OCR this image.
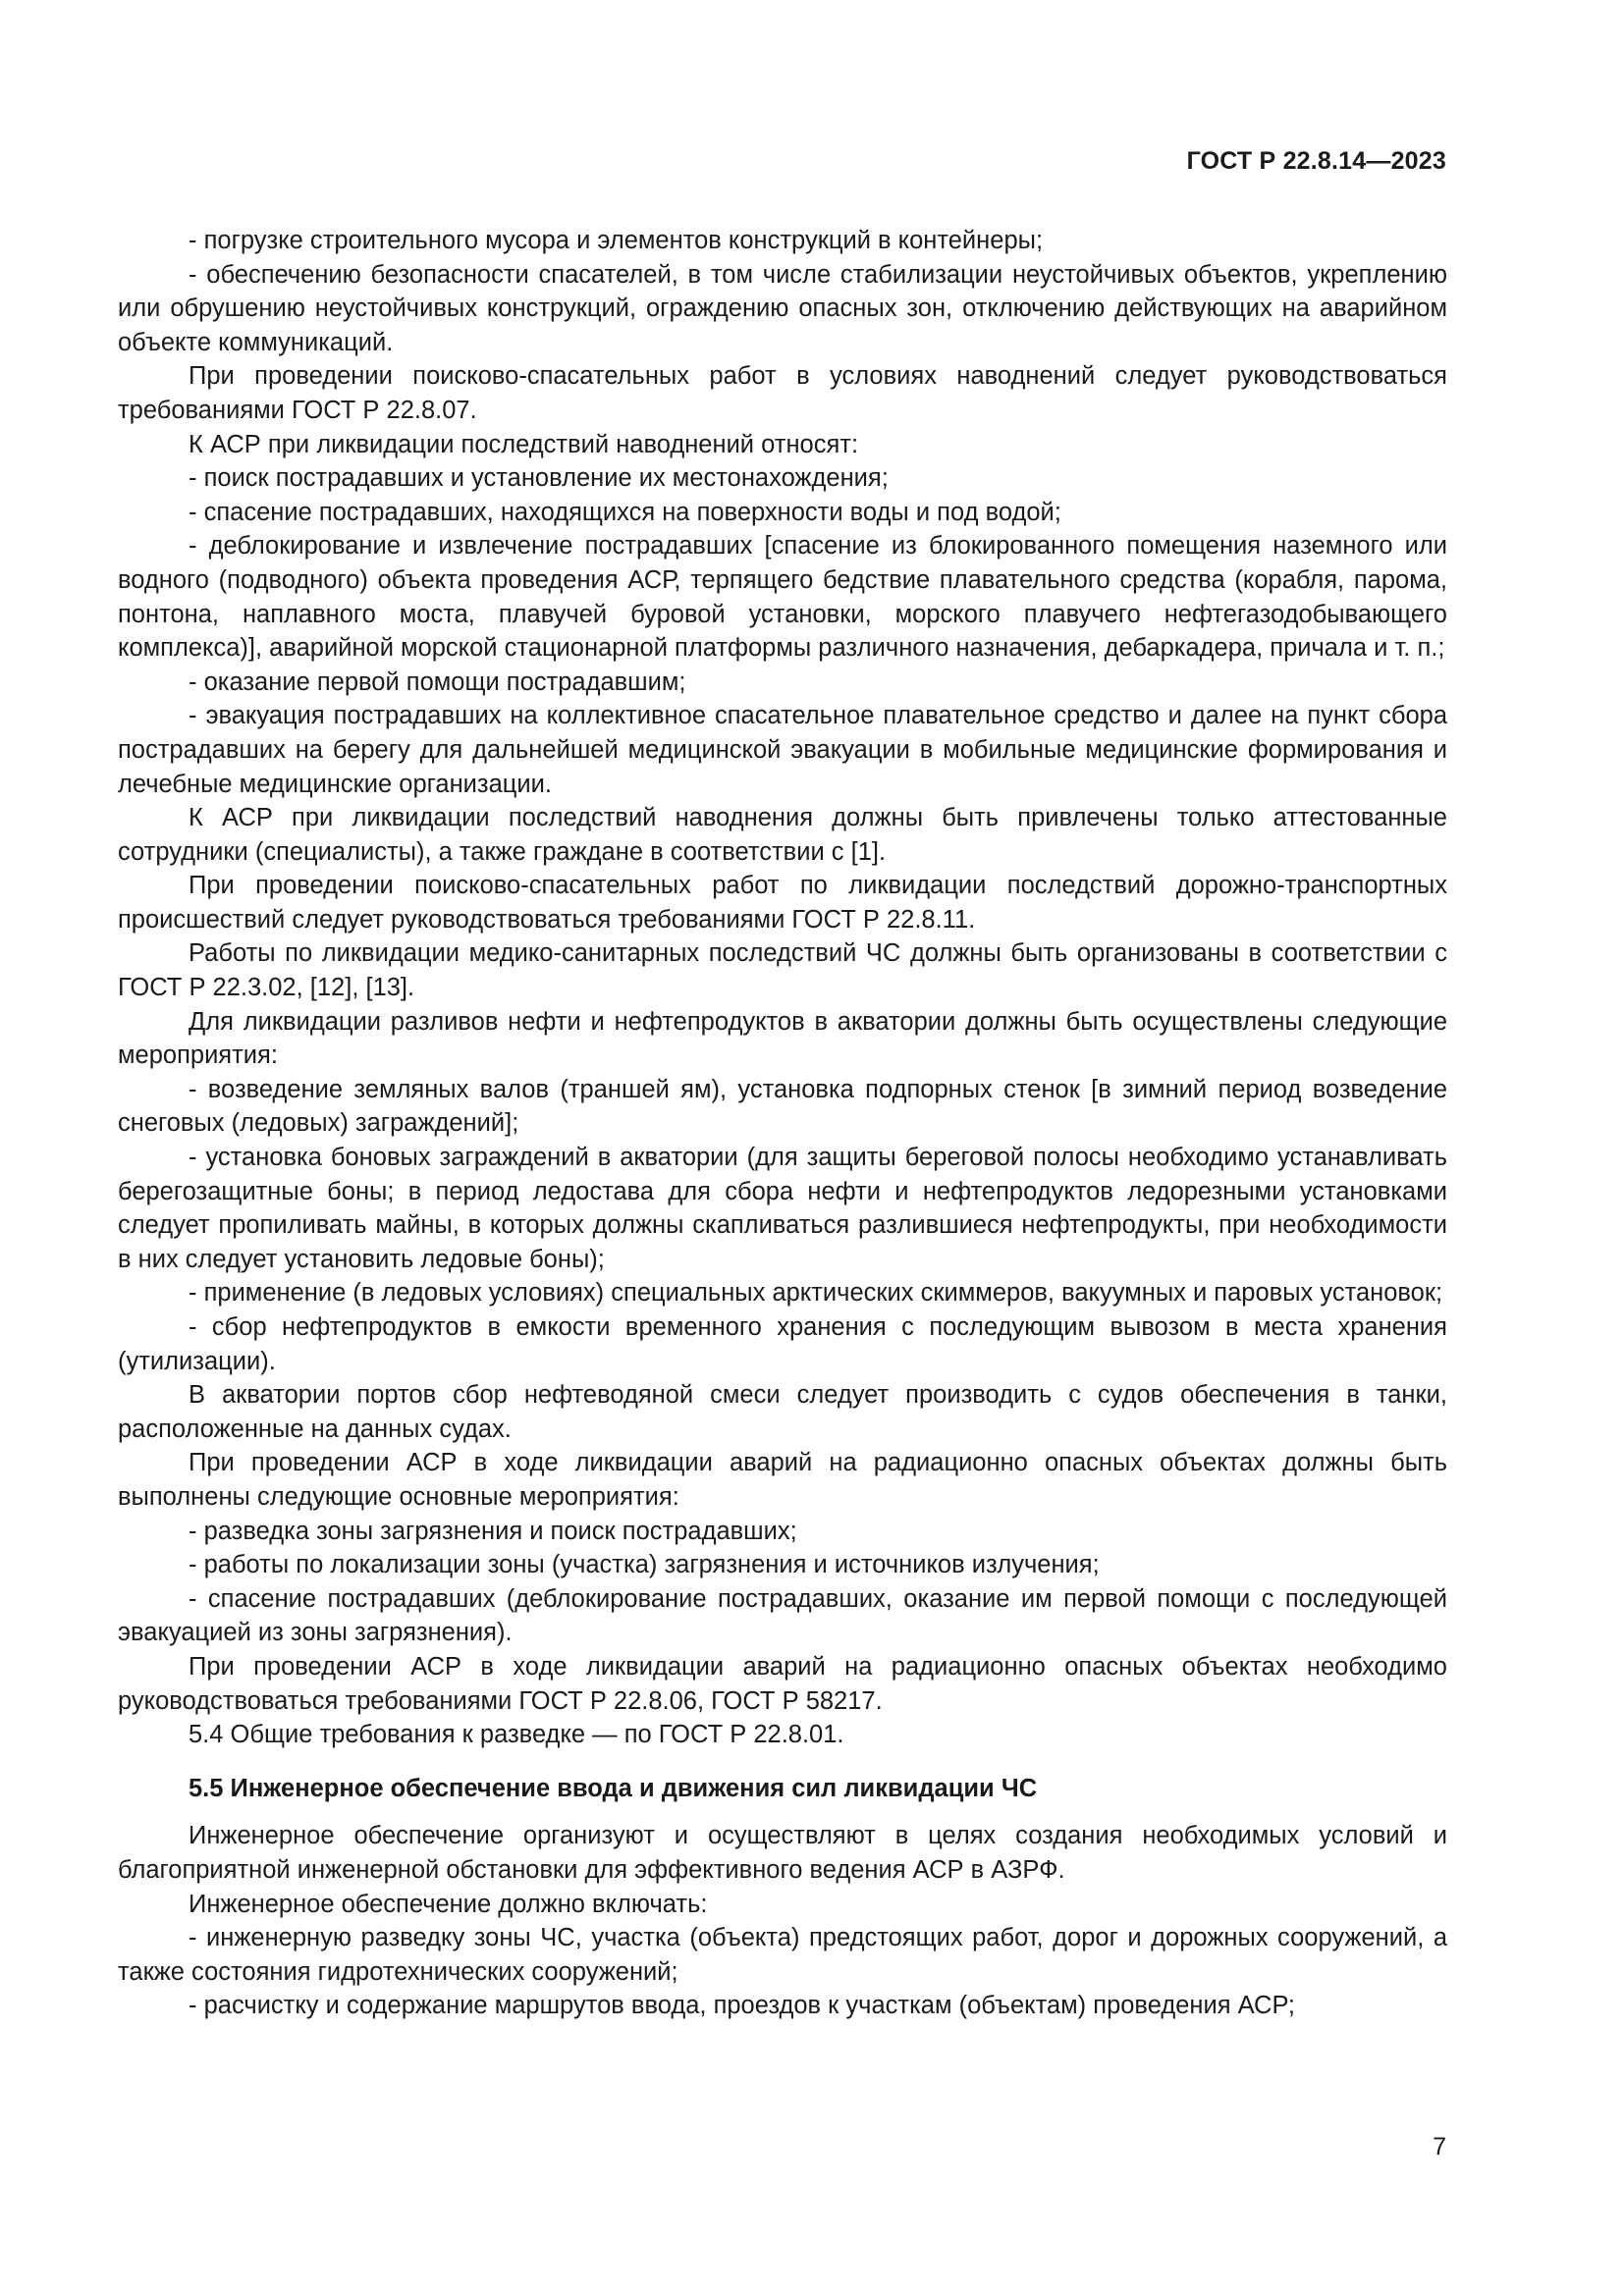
ГОСТ Р 22.8.14—2023

- погрузке строительного мусора и элементов конструкций в контейнеры;

- обеспечению безопасности спасателей, в том числе стабилизации неустойчивых объектов, укреплению или обрушению неустойчивых конструкций, ограждению опасных зон, отключению действующих на аварийном объекте коммуникаций.

При проведении поисково-спасательных работ в условиях наводнений следует руководствоваться требованиями ГОСТ Р 22.8.07.

К АСР при ликвидации последствий наводнений относят:

- поиск пострадавших и установление их местонахождения;

- спасение пострадавших, находящихся на поверхности воды и под водой;

- деблокирование и извлечение пострадавших [спасение из блокированного помещения наземного или водного (подводного) объекта проведения АСР, терпящего бедствие плавательного средства (корабля, парома, понтона, наплавного моста, плавучей буровой установки, морского плавучего нефтегазодобывающего комплекса)], аварийной морской стационарной платформы различного назначения, дебаркадера, причала и т. п.;

- оказание первой помощи пострадавшим;

- эвакуация пострадавших на коллективное спасательное плавательное средство и далее на пункт сбора пострадавших на берегу для дальнейшей медицинской эвакуации в мобильные медицинские формирования и лечебные медицинские организации.

К АСР при ликвидации последствий наводнения должны быть привлечены только аттестованные сотрудники (специалисты), а также граждане в соответствии с [1].

При проведении поисково-спасательных работ по ликвидации последствий дорожно-транспортных происшествий следует руководствоваться требованиями ГОСТ Р 22.8.11.

Работы по ликвидации медико-санитарных последствий ЧС должны быть организованы в соответствии с ГОСТ Р 22.3.02, [12], [13].

Для ликвидации разливов нефти и нефтепродуктов в акватории должны быть осуществлены следующие мероприятия:

- возведение земляных валов (траншей ям), установка подпорных стенок [в зимний период возведение снеговых (ледовых) заграждений];

- установка боновых заграждений в акватории (для защиты береговой полосы необходимо устанавливать берегозащитные боны; в период ледостава для сбора нефти и нефтепродуктов ледорезными установками следует пропиливать майны, в которых должны скапливаться разлившиеся нефтепродукты, при необходимости в них следует установить ледовые боны);

- применение (в ледовых условиях) специальных арктических скиммеров, вакуумных и паровых установок;

- сбор нефтепродуктов в емкости временного хранения с последующим вывозом в места хранения (утилизации).

В акватории портов сбор нефтеводяной смеси следует производить с судов обеспечения в танки, расположенные на данных судах.

При проведении АСР в ходе ликвидации аварий на радиационно опасных объектах должны быть выполнены следующие основные мероприятия:

- разведка зоны загрязнения и поиск пострадавших;

- работы по локализации зоны (участка) загрязнения и источников излучения;

- спасение пострадавших (деблокирование пострадавших, оказание им первой помощи с последующей эвакуацией из зоны загрязнения).

При проведении АСР в ходе ликвидации аварий на радиационно опасных объектах необходимо руководствоваться требованиями ГОСТ Р 22.8.06, ГОСТ Р 58217.

5.4 Общие требования к разведке — по ГОСТ Р 22.8.01.

5.5 Инженерное обеспечение ввода и движения сил ликвидации ЧС

Инженерное обеспечение организуют и осуществляют в целях создания необходимых условий и благоприятной инженерной обстановки для эффективного ведения АСР в АЗРФ.

Инженерное обеспечение должно включать:

- инженерную разведку зоны ЧС, участка (объекта) предстоящих работ, дорог и дорожных сооружений, а также состояния гидротехнических сооружений;

- расчистку и содержание маршрутов ввода, проездов к участкам (объектам) проведения АСР;

7
